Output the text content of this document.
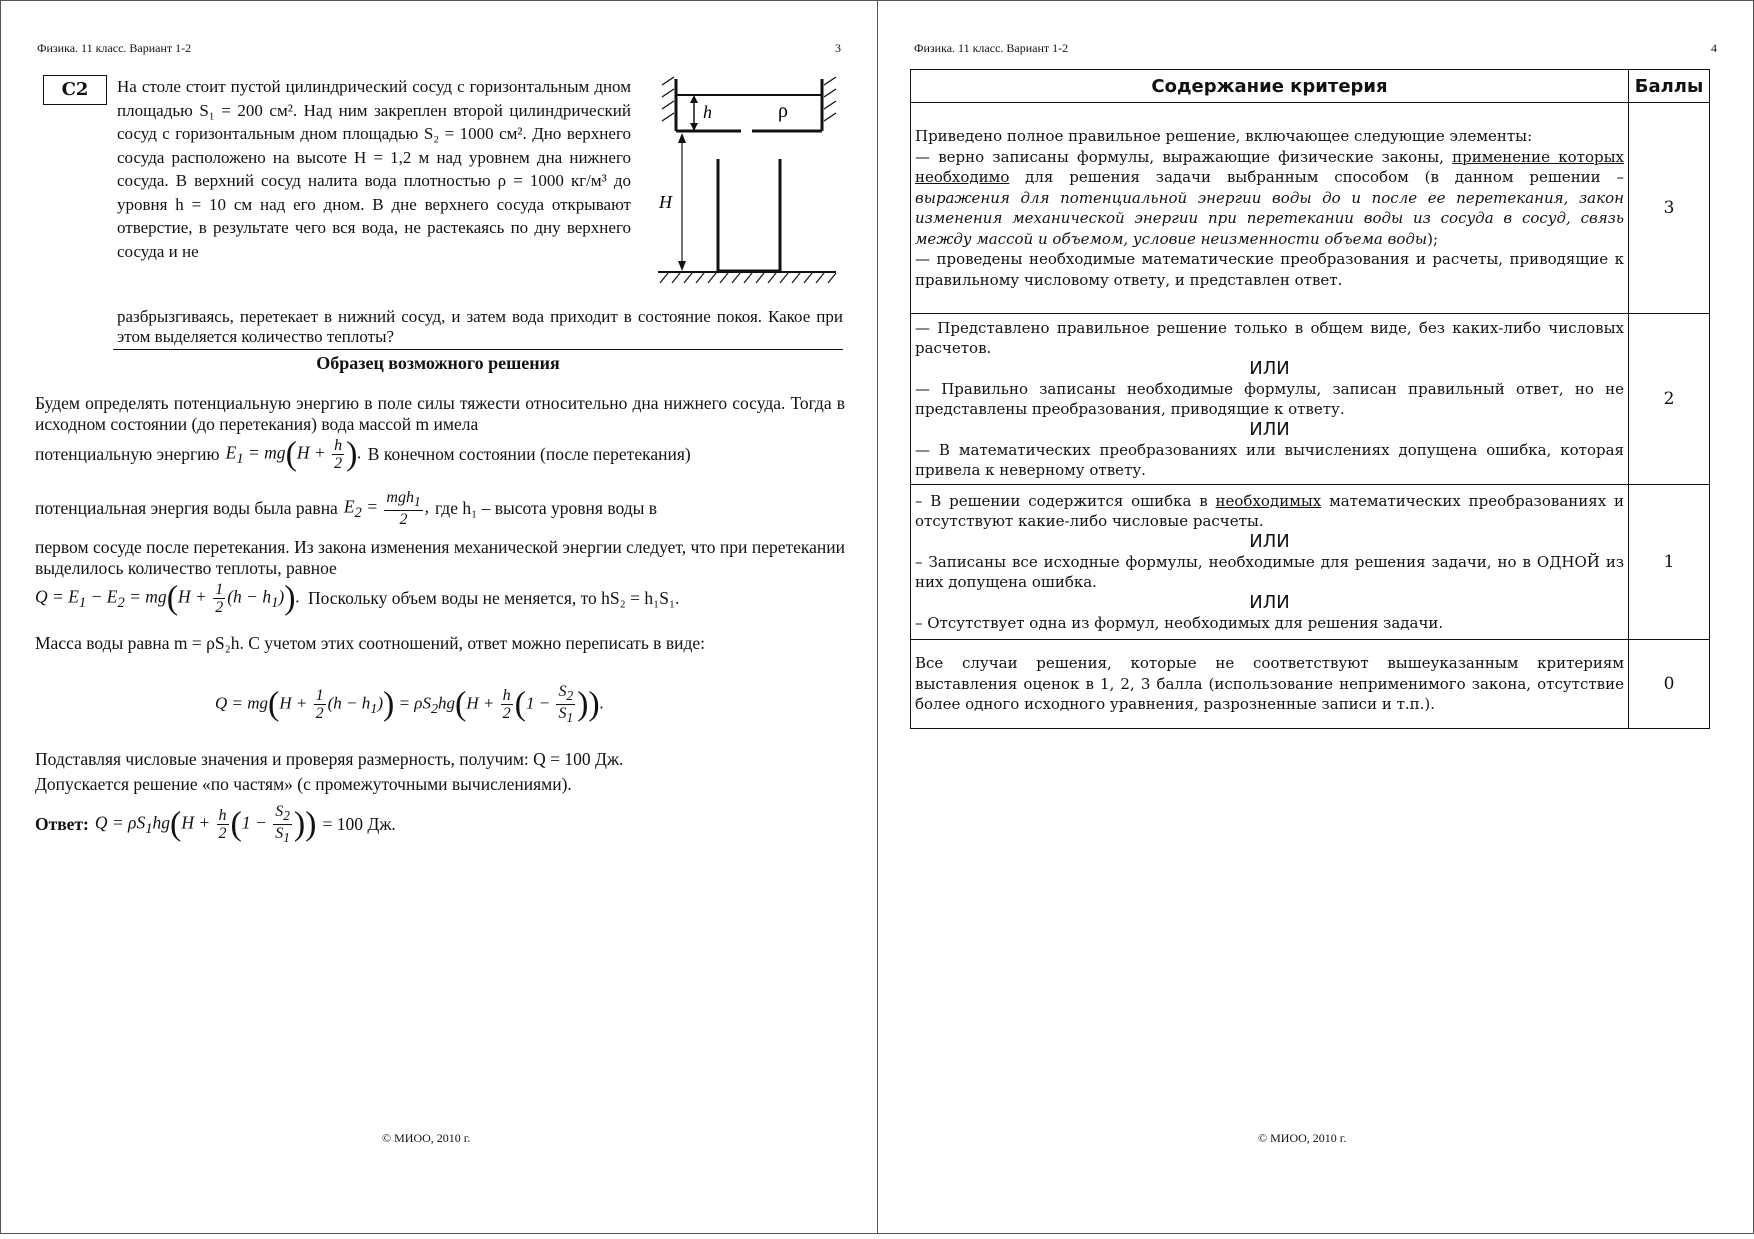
Физика. 11 класс. Вариант 1-2	3
С2	На столе стоит пустой цилиндрический сосуд с горизонтальным дном площадью S₁ = 200 см². Над ним закреплен второй цилиндрический сосуд с горизонтальным дном площадью S₂ = 1000 см². Дно верхнего сосуда расположено на высоте H = 1,2 м над уровнем дна нижнего сосуда. В верхний сосуд налита вода плотностью ρ = 1000 кг/м³ до уровня h = 10 см над его дном. В дне верхнего сосуда открывают отверстие, в результате чего вся вода, не растекаясь по дну верхнего сосуда и не
разбрызгиваясь, перетекает в нижний сосуд, и затем вода приходит в состояние покоя. Какое при этом выделяется количество теплоты?
h	ρ
H
Образец возможного решения
Будем определять потенциальную энергию в поле силы тяжести относительно дна нижнего сосуда. Тогда в исходном состоянии (до перетекания) вода массой m имела
потенциальную энергию $E_1 = mg(H + \frac{h}{2}$ ). В конечном состоянии (после перетекания)
потенциальная энергия воды была равна $E_2 = \frac{mgh_1}{2}$ , где h₁ – высота уровня воды в
первом сосуде после перетекания. Из закона изменения механической энергии следует, что при перетекании выделилось количество теплоты, равное
$Q = E_1 - E_2 = mg(H + \frac{1}{2} (h - h_1))$. Поскольку объем воды не меняется, то hS₂ = h₁S₁.
Масса воды равна m = ρS₂h. С учетом этих соотношений, ответ можно переписать в виде:
$Q = mg(H + \frac{1}{2} (h - h_1)) = \rho S_2hg(H + \frac{h}{2} (1 - \frac{S_2}{S_1}$ )).
Подставляя числовые значения и проверяя размерность, получим: Q = 100 Дж.
Допускается решение «по частям» (с промежуточными вычислениями).
Ответ: $Q = \rho S_1hg(H + \frac{h}{2} (1 - \frac{S_2}{S_1}$ )) = 100 Дж.
© МИОО, 2010 г.
Физика. 11 класс. Вариант 1-2	4
Содержание критерия	Баллы

Приведено полное правильное решение, включающее следующие элементы:
— верно записаны формулы, выражающие физические законы, применение которых необходимо для решения задачи выбранным способом (в данном решении – выражения для потенциальной энергии воды до и после ее перетекания, закон изменения механической энергии при перетекании воды из сосуда в сосуд, связь между массой и объемом, условие неизменности объема воды);
— проведены необходимые математические преобразования и расчеты, приводящие к правильному числовому ответу, и представлен ответ.	3

— Представлено правильное решение только в общем виде, без каких-либо числовых расчетов.
ИЛИ
— Правильно записаны необходимые формулы, записан правильный ответ, но не представлены преобразования, приводящие к ответу.
ИЛИ
— В математических преобразованиях или вычислениях допущена ошибка, которая привела к неверному ответу.	2

– В решении содержится ошибка в необходимых математических преобразованиях и отсутствуют какие-либо числовые расчеты.
ИЛИ
– Записаны все исходные формулы, необходимые для решения задачи, но в ОДНОЙ из них допущена ошибка.
ИЛИ
– Отсутствует одна из формул, необходимых для решения задачи.	1

Все случаи решения, которые не соответствуют вышеуказанным критериям выставления оценок в 1, 2, 3 балла (использование неприменимого закона, отсутствие более одного исходного уравнения, разрозненные записи и т.п.).	0
© МИОО, 2010 г.
